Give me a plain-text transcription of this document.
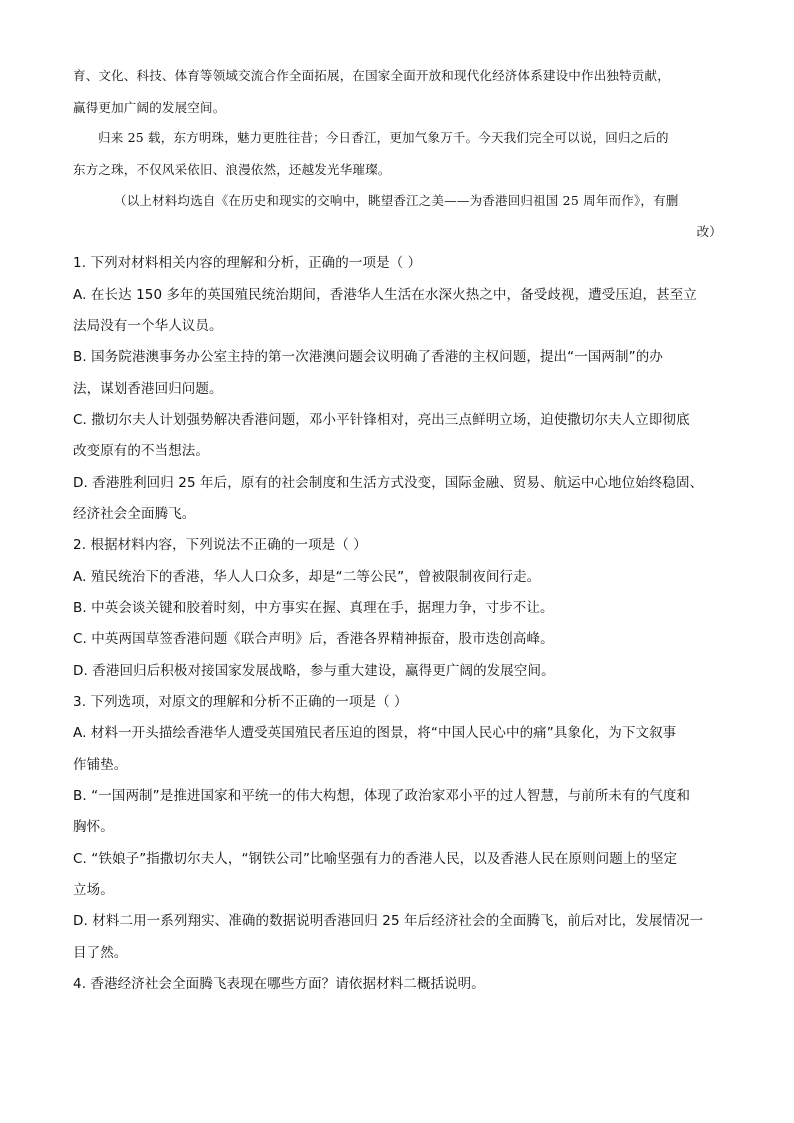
育、文化、科技、体育等领域交流合作全面拓展，在国家全面开放和现代化经济体系建设中作出独特贡献，
赢得更加广阔的发展空间。
归来 25 载，东方明珠，魅力更胜往昔；今日香江，更加气象万千。今天我们完全可以说，回归之后的
东方之珠，不仅风采依旧、浪漫依然，还越发光华璀璨。
（以上材料均选自《在历史和现实的交响中，眺望香江之美——为香港回归祖国 25 周年而作》，有删
改）
1. 下列对材料相关内容的理解和分析，正确的一项是（ ）
A. 在长达 150 多年的英国殖民统治期间，香港华人生活在水深火热之中，备受歧视，遭受压迫，甚至立
法局没有一个华人议员。
B. 国务院港澳事务办公室主持的第一次港澳问题会议明确了香港的主权问题，提出“一国两制”的办
法，谋划香港回归问题。
C. 撒切尔夫人计划强势解决香港问题，邓小平针锋相对，亮出三点鲜明立场，迫使撒切尔夫人立即彻底
改变原有的不当想法。
D. 香港胜利回归 25 年后，原有的社会制度和生活方式没变，国际金融、贸易、航运中心地位始终稳固、
经济社会全面腾飞。
2. 根据材料内容，下列说法不正确的一项是（ ）
A. 殖民统治下的香港，华人人口众多，却是“二等公民”，曾被限制夜间行走。
B. 中英会谈关键和胶着时刻，中方事实在握、真理在手，据理力争，寸步不让。
C. 中英两国草签香港问题《联合声明》后，香港各界精神振奋，股市迭创高峰。
D. 香港回归后积极对接国家发展战略，参与重大建设，赢得更广阔的发展空间。
3. 下列选项，对原文的理解和分析不正确的一项是（ ）
A. 材料一开头描绘香港华人遭受英国殖民者压迫的图景，将“中国人民心中的痛”具象化，为下文叙事
作铺垫。
B. “一国两制”是推进国家和平统一的伟大构想，体现了政治家邓小平的过人智慧，与前所未有的气度和
胸怀。
C. “铁娘子”指撒切尔夫人，“钢铁公司”比喻坚强有力的香港人民，以及香港人民在原则问题上的坚定
立场。
D. 材料二用一系列翔实、准确的数据说明香港回归 25 年后经济社会的全面腾飞，前后对比，发展情况一
目了然。
4. 香港经济社会全面腾飞表现在哪些方面？请依据材料二概括说明。
